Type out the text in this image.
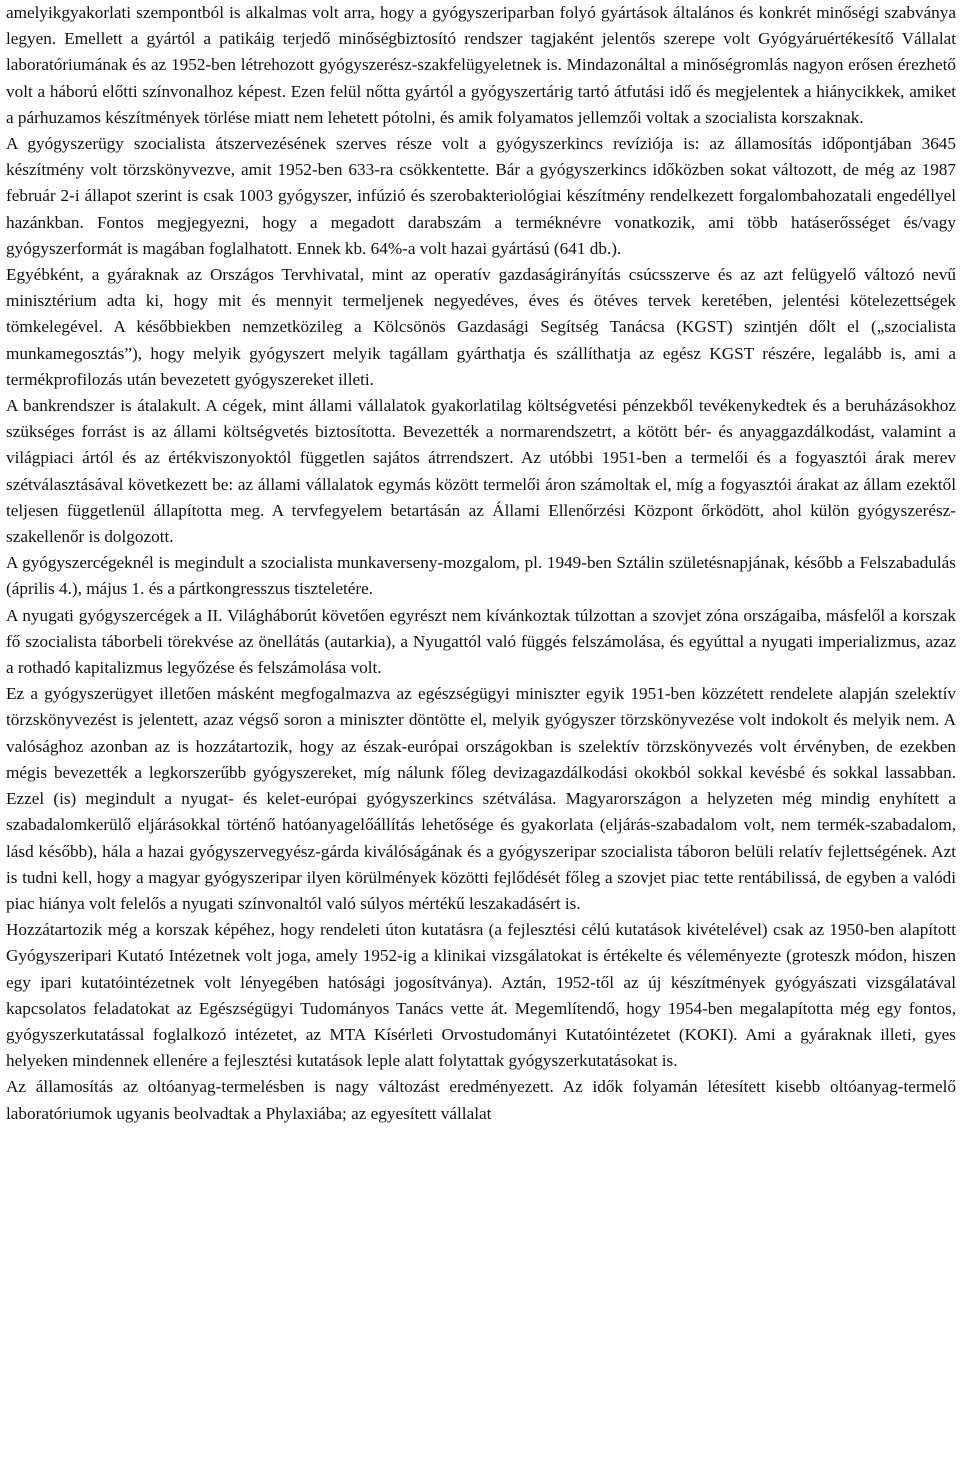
amelyikgyakorlati szempontból is alkalmas volt arra, hogy a gyógyszeriparban folyó gyártások általános és konkrét minőségi szabványa legyen. Emellett a gyártól a patikáig terjedő minőségbiztosító rendszer tagjaként jelentős szerepe volt Gyógyáruértékesítő Vállalat laboratóriumának és az 1952-ben létrehozott gyógyszerész-szakfelügyeletnek is. Mindazonáltal a minőségromlás nagyon erősen érezhető volt a háború előtti színvonalhoz képest. Ezen felül nőtta gyártól a gyógyszertárig tartó átfutási idő és megjelentek a hiánycikkek, amiket a párhuzamos készítmények törlése miatt nem lehetett pótolni, és amik folyamatos jellemzői voltak a szocialista korszaknak.

A gyógyszerügy szocialista átszervezésének szerves része volt a gyógyszerkincs revíziója is: az államosítás időpontjában 3645 készítmény volt törzskönyvezve, amit 1952-ben 633-ra csökkentette. Bár a gyógyszerkincs időközben sokat változott, de még az 1987 február 2-i állapot szerint is csak 1003 gyógyszer, infúzió és szerobakteriológiai készítmény rendelkezett forgalombahozatali engedéllyel hazánkban. Fontos megjegyezni, hogy a megadott darabszám a terméknévre vonatkozik, ami több hatáserősséget és/vagy gyógyszerformát is magában foglalhatott. Ennek kb. 64%-a volt hazai gyártású (641 db.).

Egyébként, a gyáraknak az Országos Tervhivatal, mint az operatív gazdaságirányítás csúcsszerve és az azt felügyelő változó nevű minisztérium adta ki, hogy mit és mennyit termeljenek negyedéves, éves és ötéves tervek keretében, jelentési kötelezettségek tömkelegével. A későbbiekben nemzetközileg a Kölcsönös Gazdasági Segítség Tanácsa (KGST) szintjén dőlt el („szocialista munkamegosztás”), hogy melyik gyógyszert melyik tagállam gyárthatja és szállíthatja az egész KGST részére, legalább is, ami a termékprofilozás után bevezetett gyógyszereket illeti.

A bankrendszer is átalakult. A cégek, mint állami vállalatok gyakorlatilag költségvetési pénzekből tevékenykedtek és a beruházásokhoz szükséges forrást is az állami költségvetés biztosította. Bevezették a normarendszetrt, a kötött bér- és anyaggazdálkodást, valamint a világpiaci ártól és az értékviszonyoktól független sajátos átrrendszert. Az utóbbi 1951-ben a termelői és a fogyasztói árak merev szétválasztásával következett be: az állami vállalatok egymás között termelői áron számoltak el, míg a fogyasztói árakat az állam ezektől teljesen függetlenül állapította meg. A tervfegyelem betartásán az Állami Ellenőrzési Központ őrködött, ahol külön gyógyszerész-szakellenőr is dolgozott.

A gyógyszercégeknél is megindult a szocialista munkaverseny-mozgalom, pl. 1949-ben Sztálin születésnapjának, később a Felszabadulás (április 4.), május 1. és a pártkongresszus tiszteletére.

A nyugati gyógyszercégek a II. Világháborút követően egyrészt nem kívánkoztak túlzottan a szovjet zóna országaiba, másfelől a korszak fő szocialista táborbeli törekvése az önellátás (autarkia), a Nyugattól való függés felszámolása, és egyúttal a nyugati imperializmus, azaz a rothadó kapitalizmus legyőzése és felszámolása volt.

Ez a gyógyszerügyet illetően másként megfogalmazva az egészségügyi miniszter egyik 1951-ben közzétett rendelete alapján szelektív törzskönyvezést is jelentett, azaz végső soron a miniszter döntötte el, melyik gyógyszer törzskönyvezése volt indokolt és melyik nem. A valósághoz azonban az is hozzátartozik, hogy az észak-európai országokban is szelektív törzskönyvezés volt érvényben, de ezekben mégis bevezették a legkorszerűbb gyógyszereket, míg nálunk főleg devizagazdálkodási okokból sokkal kevésbé és sokkal lassabban. Ezzel (is) megindult a nyugat- és kelet-európai gyógyszerkincs szétválása. Magyarországon a helyzeten még mindig enyhített a szabadalomkerülő eljárásokkal történő hatóanyagelőállítás lehetősége és gyakorlata (eljárás-szabadalom volt, nem termék-szabadalom, lásd később), hála a hazai gyógyszervegyész-gárda kiválóságának és a gyógyszeripar szocialista táboron belüli relatív fejlettségének. Azt is tudni kell, hogy a magyar gyógyszeripar ilyen körülmények közötti fejlődését főleg a szovjet piac tette rentábilissá, de egyben a valódi piac hiánya volt felelős a nyugati színvonaltól való súlyos mértékű leszakadásért is.

Hozzátartozik még a korszak képéhez, hogy rendeleti úton kutatásra (a fejlesztési célú kutatások kivételével) csak az 1950-ben alapított Gyógyszeripari Kutató Intézetnek volt joga, amely 1952-ig a klinikai vizsgálatokat is értékelte és véleményezte (groteszk módon, hiszen egy ipari kutatóintézetnek volt lényegében hatósági jogosítványa). Aztán, 1952-től az új készítmények gyógyászati vizsgálatával kapcsolatos feladatokat az Egészségügyi Tudományos Tanács vette át. Megemlítendő, hogy 1954-ben megalapította még egy fontos, gyógyszerkutatással foglalkozó intézetet, az MTA Kísérleti Orvostudományi Kutatóintézetet (KOKI). Ami a gyáraknak illeti, gyes helyeken mindennek ellenére a fejlesztési kutatások leple alatt folytattak gyógyszerkutatásokat is.

Az államosítás az oltóanyag-termelésben is nagy változást eredményezett. Az idők folyamán létesített kisebb oltóanyag-termelő laboratóriumok ugyanis beolvadtak a Phylaxiába; az egyesített vállalat
